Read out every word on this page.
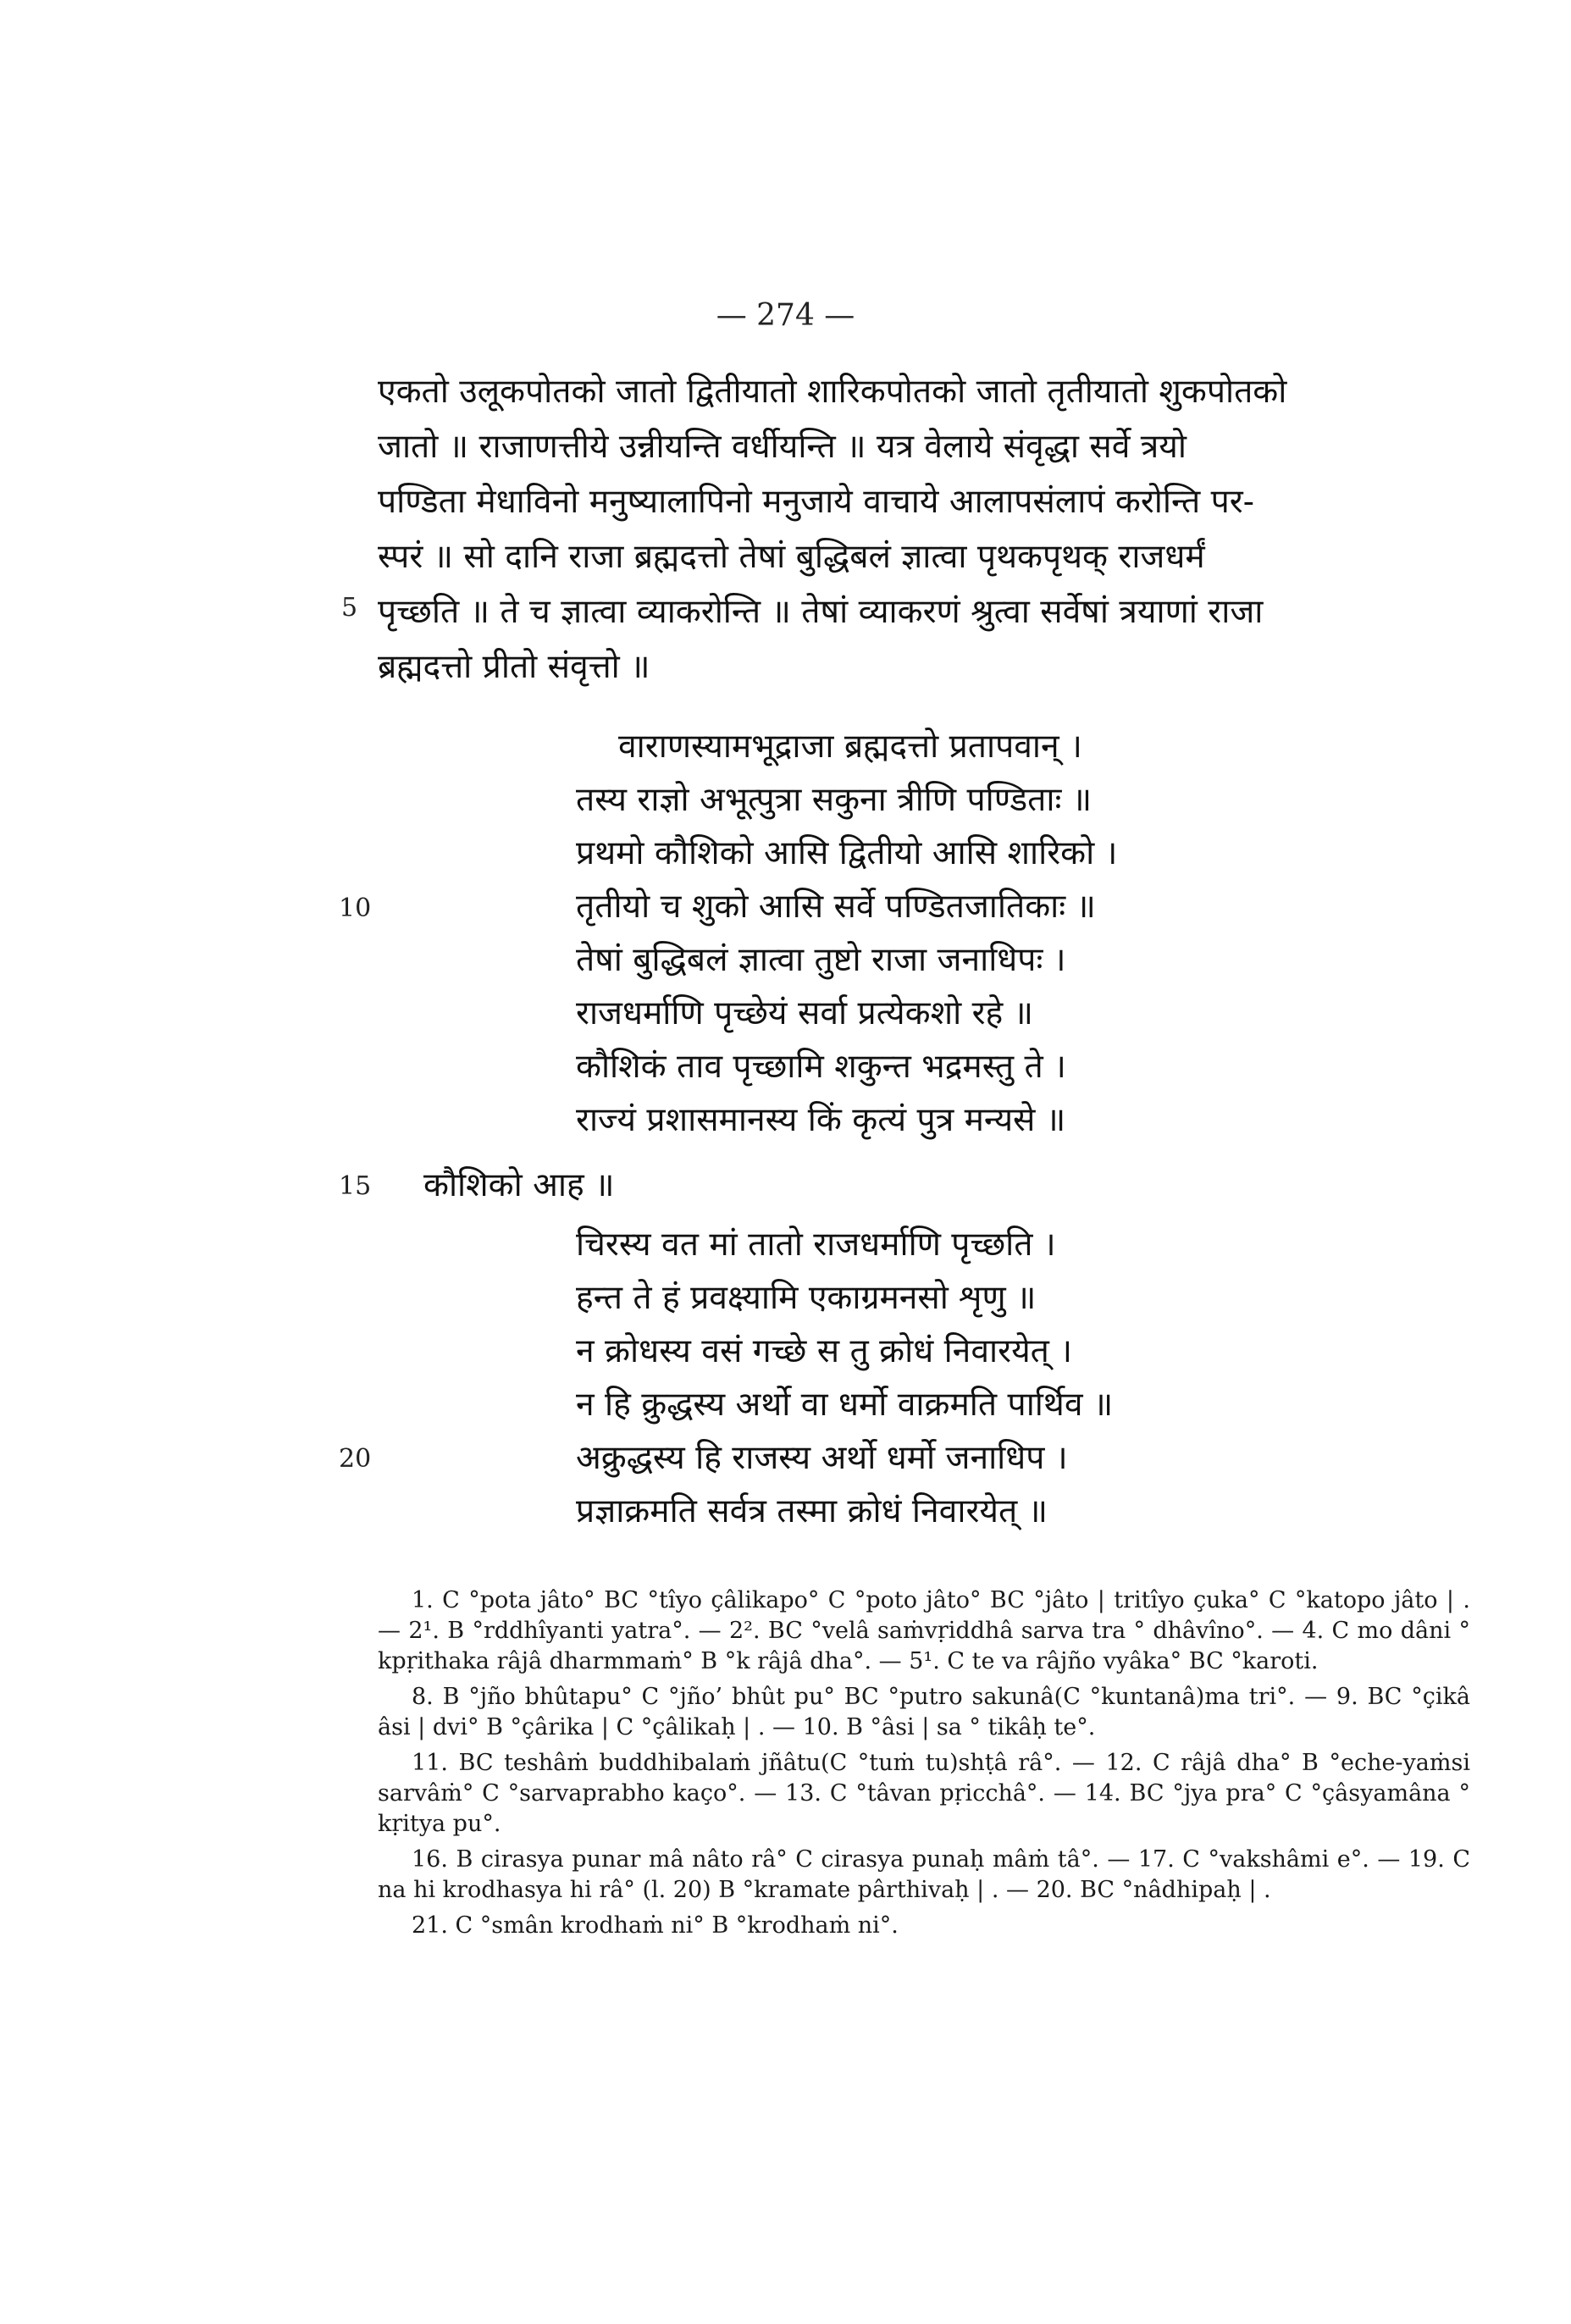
— 274 —
एकतो उलूकपोतको जातो द्वितीयातो शारिकपोतको जातो तृतीयातो शुकपोतको
जातो ॥ राजाणत्तीये उन्नीयन्ति वर्धीयन्ति ॥ यत्र वेलाये संवृद्धा सर्वे त्रयो
पण्डिता मेधाविनो मनुष्यालापिनो मनुजाये वाचाये आलापसंलापं करोन्ति पर-
स्परं ॥ सो दानि राजा ब्रह्मदत्तो तेषां बुद्धिबलं ज्ञात्वा पृथकपृथक् राजधर्मं
पृच्छति ॥ ते च ज्ञात्वा व्याकरोन्ति ॥ तेषां व्याकरणं श्रुत्वा सर्वेषां त्रयाणां राजा
ब्रह्मदत्तो प्रीतो संवृत्तो ॥
5
वाराणस्यामभूद्राजा ब्रह्मदत्तो प्रतापवान् ।
तस्य राज्ञो अभूत्पुत्रा सकुना त्रीणि पण्डिताः ॥
प्रथमो कौशिको आसि द्वितीयो आसि शारिको ।
तृतीयो च शुको आसि सर्वे पण्डितजातिकाः ॥
तेषां बुद्धिबलं ज्ञात्वा तुष्टो राजा जनाधिपः ।
राजधर्माणि पृच्छेयं सर्वा प्रत्येकशो रहे ॥
कौशिकं ताव पृच्छामि शकुन्त भद्रमस्तु ते ।
राज्यं प्रशासमानस्य किं कृत्यं पुत्र मन्यसे ॥
10
15 कौशिको आह ॥
चिरस्य वत मां तातो राजधर्माणि पृच्छति ।
हन्त ते हं प्रवक्ष्यामि एकाग्रमनसो शृणु ॥
न क्रोधस्य वसं गच्छे स तु क्रोधं निवारयेत् ।
न हि क्रुद्धस्य अर्थो वा धर्मो वाक्रमति पार्थिव ॥
अक्रुद्धस्य हि राजस्य अर्थो धर्मो जनाधिप ।
प्रज्ञाक्रमति सर्वत्र तस्मा क्रोधं निवारयेत् ॥
20

1. C °pota jâto° BC °tîyo çâlikapo° C °poto jâto° BC °jâto | tritîyo çuka° C °katopo jâto | . — 2¹. B °rddhîyanti yatra°. — 2². BC °velâ saṁvṛiddhâ sarva tra ° dhâvîno°. — 4. C mo dâni ° kpṛithaka râjâ dharmmaṁ° B °k râjâ dha°. — 5¹. C te va râjño vyâka° BC °karoti.

8. B °jño bhûtapu° C °jño’ bhût pu° BC °putro sakunâ(C °kuntanâ)ma tri°. — 9. BC °çikâ âsi | dvi° B °çârika | C °çâlikaḥ | . — 10. B °âsi | sa ° tikâḥ te°.

11. BC teshâṁ buddhibalaṁ jñâtu(C °tuṁ tu)shṭâ râ°. — 12. C râjâ dha° B °eche-yaṁsi sarvâṁ° C °sarvaprabho kaço°. — 13. C °tâvan pṛicchâ°. — 14. BC °jya pra° C °çâsyamâna ° kṛitya pu°.

16. B cirasya punar mâ nâto râ° C cirasya punaḥ mâṁ tâ°. — 17. C °vakshâmi e°. — 19. C na hi krodhasya hi râ° (l. 20) B °kramate pârthivaḥ | . — 20. BC °nâdhipaḥ | .

21. C °smân krodhaṁ ni° B °krodhaṁ ni°.
